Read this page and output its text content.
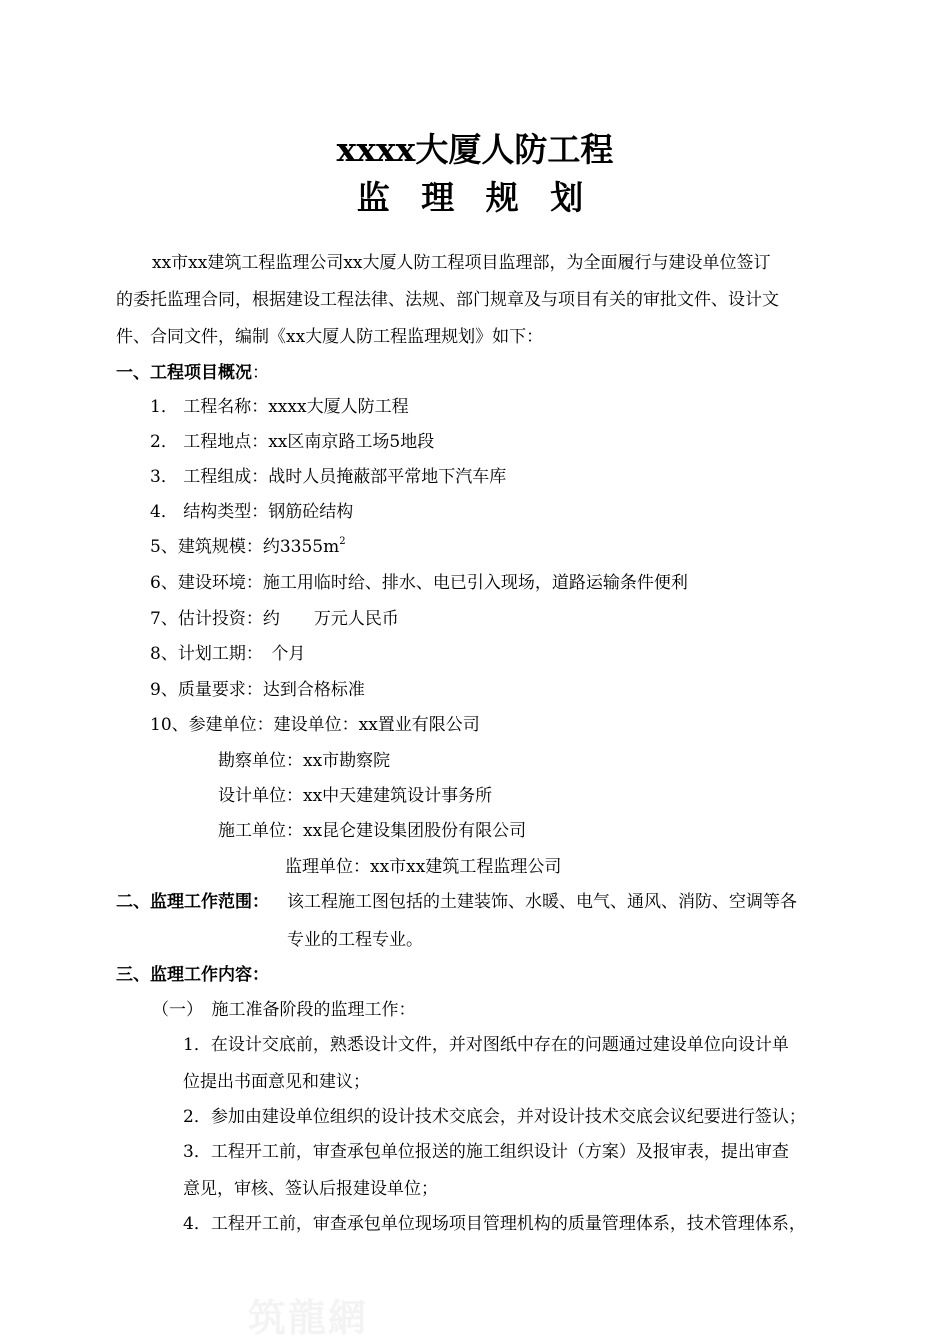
xxxx大厦人防工程
监 理 规 划
xx市xx建筑工程监理公司xx大厦人防工程项目监理部，为全面履行与建设单位签订
的委托监理合同，根据建设工程法律、法规、部门规章及与项目有关的审批文件、设计文
件、合同文件，编制《xx大厦人防工程监理规划》如下：
一、工程项目概况：
1． 工程名称：xxxx大厦人防工程
2． 工程地点：xx区南京路工场5地段
3． 工程组成：战时人员掩蔽部平常地下汽车库
4． 结构类型：钢筋砼结构
5、建筑规模：约$3355m^2$
6、建设环境：施工用临时给、排水、电已引入现场，道路运输条件便利
7、估计投资：约　　万元人民币
8、计划工期：　个月
9、质量要求：达到合格标准
10、参建单位：建设单位：xx置业有限公司
勘察单位：xx市勘察院
设计单位：xx中天建建筑设计事务所
施工单位：xx昆仑建设集团股份有限公司
监理单位：xx市xx建筑工程监理公司
二、监理工作范围： 该工程施工图包括的土建装饰、水暖、电气、通风、消防、空调等各
专业的工程专业。
三、监理工作内容：
（一）　施工准备阶段的监理工作：
1．在设计交底前，熟悉设计文件，并对图纸中存在的问题通过建设单位向设计单
位提出书面意见和建议；
2．参加由建设单位组织的设计技术交底会，并对设计技术交底会议纪要进行签认；
3．工程开工前，审查承包单位报送的施工组织设计（方案）及报审表，提出审查
意见，审核、签认后报建设单位；
4．工程开工前，审查承包单位现场项目管理机构的质量管理体系，技术管理体系，
筑龍網
